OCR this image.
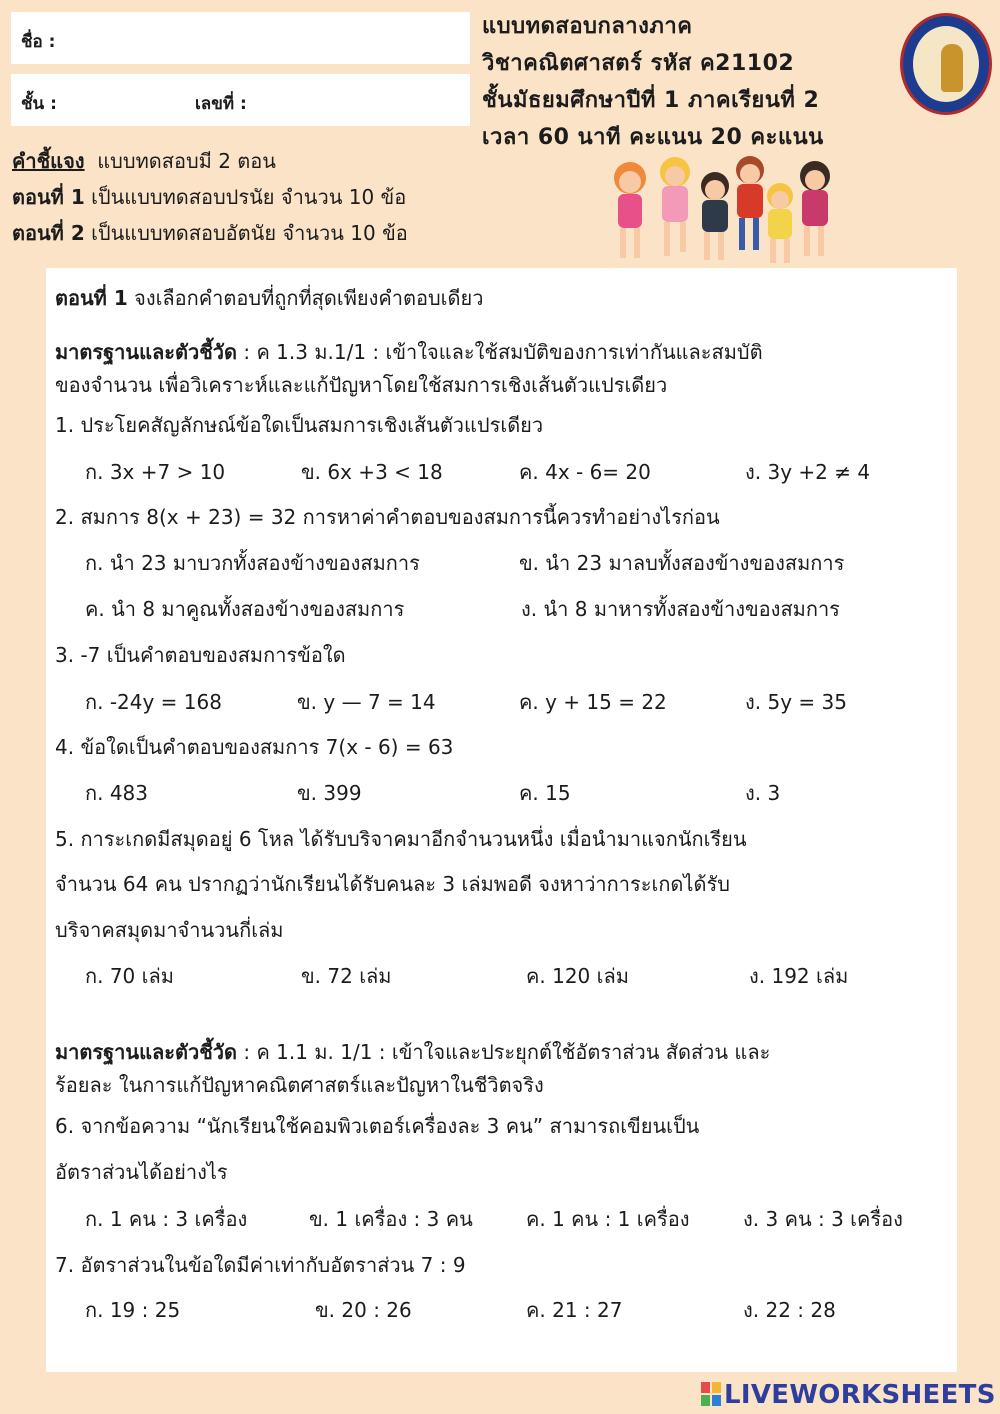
ชื่อ :
ชั้น :	เลขที่ :
แบบทดสอบกลางภาค
วิชาคณิตศาสตร์ รหัส ค21102
ชั้นมัธยมศึกษาปีที่ 1 ภาคเรียนที่ 2
เวลา 60 นาที คะแนน 20 คะแนน
คำชี้แจง แบบทดสอบมี 2 ตอน
ตอนที่ 1 เป็นแบบทดสอบปรนัย จำนวน 10 ข้อ
ตอนที่ 2 เป็นแบบทดสอบอัตนัย จำนวน 10 ข้อ
ตอนที่ 1 จงเลือกคำตอบที่ถูกที่สุดเพียงคำตอบเดียว
มาตรฐานและตัวชี้วัด : ค 1.3 ม.1/1 : เข้าใจและใช้สมบัติของการเท่ากันและสมบัติ
ของจำนวน เพื่อวิเคราะห์และแก้ปัญหาโดยใช้สมการเชิงเส้นตัวแปรเดียว
1. ประโยคสัญลักษณ์ข้อใดเป็นสมการเชิงเส้นตัวแปรเดียว
ก. 3x +7 > 10	ข. 6x +3 < 18	ค. 4x - 6= 20	ง. 3y +2 ≠ 4
2. สมการ 8(x + 23) = 32 การหาค่าคำตอบของสมการนี้ควรทำอย่างไรก่อน
ก. นำ 23 มาบวกทั้งสองข้างของสมการ	ข. นำ 23 มาลบทั้งสองข้างของสมการ
ค. นำ 8 มาคูณทั้งสองข้างของสมการ	ง. นำ 8 มาหารทั้งสองข้างของสมการ
3. -7 เป็นคำตอบของสมการข้อใด
ก. -24y = 168	ข. y — 7 = 14	ค. y + 15 = 22	ง. 5y = 35
4. ข้อใดเป็นคำตอบของสมการ 7(x - 6) = 63
ก. 483	ข. 399	ค. 15	ง. 3
5. การะเกดมีสมุดอยู่ 6 โหล ได้รับบริจาคมาอีกจำนวนหนึ่ง เมื่อนำมาแจกนักเรียน
จำนวน 64 คน ปรากฏว่านักเรียนได้รับคนละ 3 เล่มพอดี จงหาว่าการะเกดได้รับ
บริจาคสมุดมาจำนวนกี่เล่ม
ก. 70 เล่ม	ข. 72 เล่ม	ค. 120 เล่ม	ง. 192 เล่ม
มาตรฐานและตัวชี้วัด : ค 1.1 ม. 1/1 : เข้าใจและประยุกต์ใช้อัตราส่วน สัดส่วน และ
ร้อยละ ในการแก้ปัญหาคณิตศาสตร์และปัญหาในชีวิตจริง
6. จากข้อความ “นักเรียนใช้คอมพิวเตอร์เครื่องละ 3 คน” สามารถเขียนเป็น
อัตราส่วนได้อย่างไร
ก. 1 คน : 3 เครื่อง	ข. 1 เครื่อง : 3 คน	ค. 1 คน : 1 เครื่อง	ง. 3 คน : 3 เครื่อง
7. อัตราส่วนในข้อใดมีค่าเท่ากับอัตราส่วน 7 : 9
ก. 19 : 25	ข. 20 : 26	ค. 21 : 27	ง. 22 : 28
LIVEWORKSHEETS
